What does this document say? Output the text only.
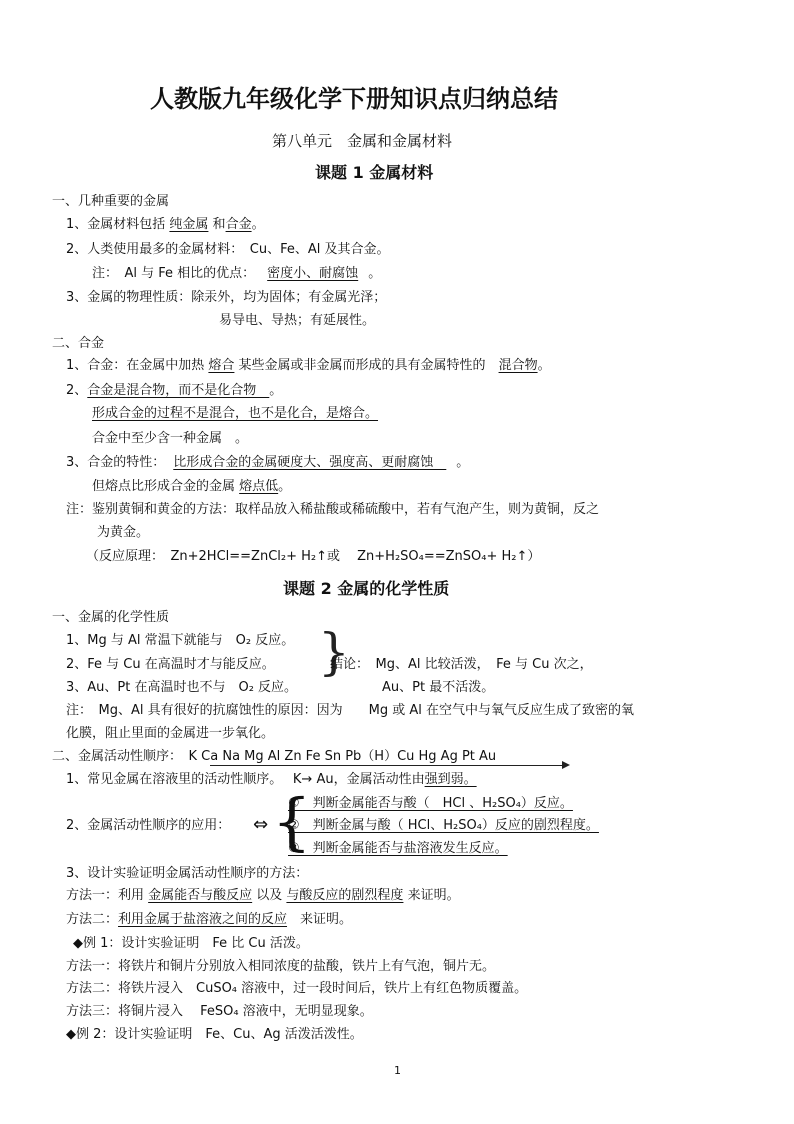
人教版九年级化学下册知识点归纳总结
第八单元　金属和金属材料
课题 1 金属材料
一、几种重要的金属
1、金属材料包括 纯金属 和合金。
2、人类使用最多的金属材料：　Cu、Fe、Al 及其合金。
注：　Al 与 Fe 相比的优点： 密度小、耐腐蚀 。
3、金属的物理性质：除汞外，均为固体；有金属光泽；
易导电、导热；有延展性。
二、合金
1、合金：在金属中加热 熔合 某些金属或非金属而形成的具有金属特性的　混合物。
2、合金是混合物，而不是化合物　。
形成合金的过程不是混合，也不是化合，是熔合。
合金中至少含一种金属　。
3、合金的特性： 比形成合金的金属硬度大、强度高、更耐腐蚀　。
但熔点比形成合金的金属 熔点低。
注：鉴别黄铜和黄金的方法：取样品放入稀盐酸或稀硫酸中，若有气泡产生，则为黄铜，反之
为黄金。
（反应原理：　Zn+2HCl==ZnCl₂+ H₂↑或　 Zn+H₂SO₄==ZnSO₄+ H₂↑）
课题 2 金属的化学性质
一、金属的化学性质
1、Mg 与 Al 常温下就能与　O₂ 反应。
2、Fe 与 Cu 在高温时才与能反应。
3、Au、Pt 在高温时也不与　O₂ 反应。
}
结论：　Mg、Al 比较活泼，　Fe 与 Cu 次之，
Au、Pt 最不活泼。
注：　Mg、Al 具有很好的抗腐蚀性的原因：因为　　Mg 或 Al 在空气中与氧气反应生成了致密的氧
化膜，阻止里面的金属进一步氧化。
二、金属活动性顺序：　K Ca Na Mg Al Zn Fe Sn Pb（H）Cu Hg Ag Pt Au
1、常见金属在溶液里的活动性顺序。　 K→ Au，金属活动性由强到弱。
{
2、金属活动性顺序的应用： ⇔
①　判断金属能否与酸（　HCl 、H₂SO₄）反应。
②　判断金属与酸（ HCl、H₂SO₄）反应的剧烈程度。
③　判断金属能否与盐溶液发生反应。
3、设计实验证明金属活动性顺序的方法：
方法一：利用 金属能否与酸反应 以及 与酸反应的剧烈程度 来证明。
方法二：利用金属于盐溶液之间的反应　来证明。
◆例 1：设计实验证明　Fe 比 Cu 活泼。
方法一：将铁片和铜片分别放入相同浓度的盐酸，铁片上有气泡，铜片无。
方法二：将铁片浸入　CuSO₄ 溶液中，过一段时间后，铁片上有红色物质覆盖。
方法三：将铜片浸入　 FeSO₄ 溶液中，无明显现象。
◆例 2：设计实验证明　Fe、Cu、Ag 活泼活泼性。
1
